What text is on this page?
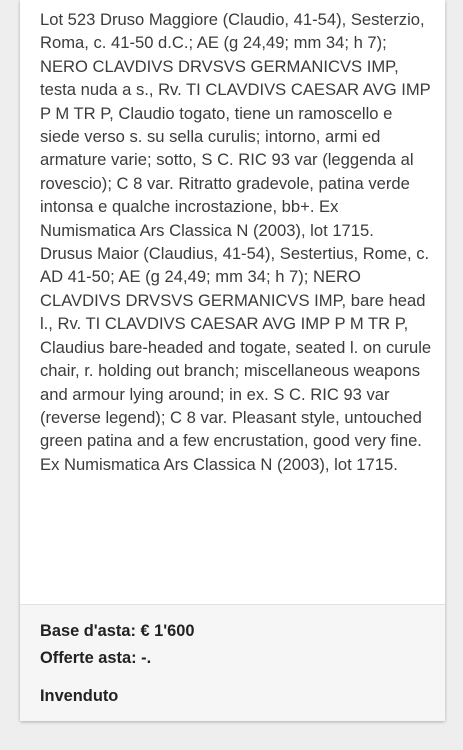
Lot 523 Druso Maggiore (Claudio, 41-54), Sesterzio, Roma, c. 41-50 d.C.; AE (g 24,49; mm 34; h 7); NERO CLAVDIVS DRVSVS GERMANICVS IMP, testa nuda a s., Rv. TI CLAVDIVS CAESAR AVG IMP P M TR P, Claudio togato, tiene un ramoscello e siede verso s. su sella curulis; intorno, armi ed armature varie; sotto, S C. RIC 93 var (leggenda al rovescio); C 8 var. Ritratto gradevole, patina verde intonsa e qualche incrostazione, bb+. Ex Numismatica Ars Classica N (2003), lot 1715.

Drusus Maior (Claudius, 41-54), Sestertius, Rome, c. AD 41-50; AE (g 24,49; mm 34; h 7); NERO CLAVDIVS DRVSVS GERMANICVS IMP, bare head l., Rv. TI CLAVDIVS CAESAR AVG IMP P M TR P, Claudius bare-headed and togate, seated l. on curule chair, r. holding out branch; miscellaneous weapons and armour lying around; in ex. S C. RIC 93 var (reverse legend); C 8 var. Pleasant style, untouched green patina and a few encrustation, good very fine. Ex Numismatica Ars Classica N (2003), lot 1715.

Base d'asta: € 1'600
Offerte asta: -.
Invenduto
